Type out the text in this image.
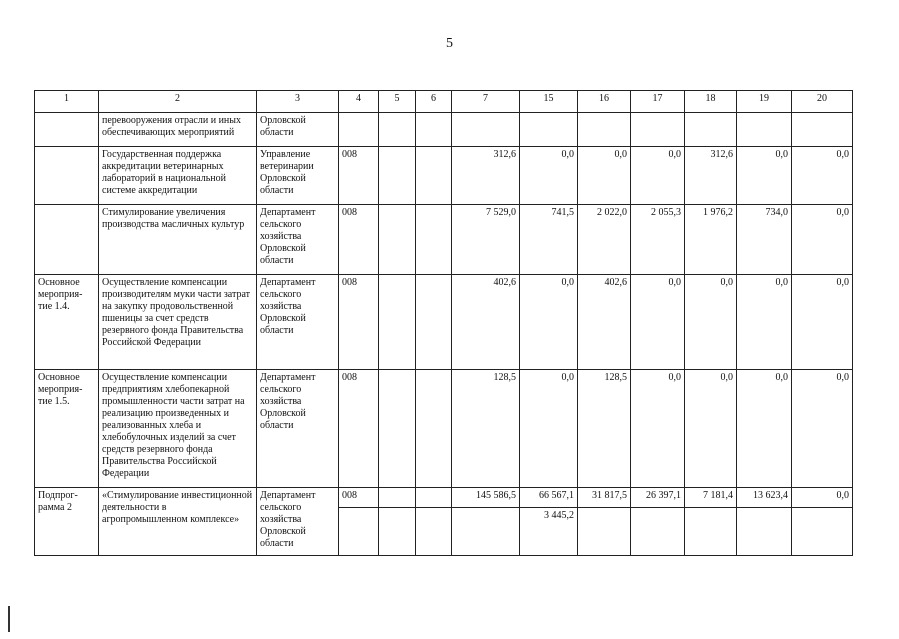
5
1	2	3	4	5	6	7	15	16	17	18	19	20
	перевооружения отрасли и иных обеспечивающих мероприятий	Орловской области										
	Государственная поддержка аккредитации ветеринарных лабораторий в национальной системе аккредитации	Управление ветеринарии Орловской области	008			312,6	0,0	0,0	0,0	312,6	0,0	0,0
	Стимулирование увеличения производства масличных культур	Департамент сельского хозяйства Орловской области	008			7 529,0	741,5	2 022,0	2 055,3	1 976,2	734,0	0,0
Основное мероприя- тие 1.4.	Осуществление компенсации производителям муки части затрат на закупку продовольственной пшеницы за счет средств резервного фонда Правительства Российской Федерации	Департамент сельского хозяйства Орловской области	008			402,6	0,0	402,6	0,0	0,0	0,0	0,0
Основное мероприя- тие 1.5.	Осуществление компенсации предприятиям хлебопекарной промышленности части затрат на реализацию произведенных и реализованных хлеба и хлебобулочных изделий за счет средств резервного фонда Правительства Российской Федерации	Департамент сельского хозяйства Орловской области	008			128,5	0,0	128,5	0,0	0,0	0,0	0,0
Подпрог- рамма 2	«Стимулирование инвестиционной деятельности в агропромышленном комплексе»	Департамент сельского хозяйства Орловской области	008			145 586,5	66 567,1	31 817,5	26 397,1	7 181,4	13 623,4	0,0
							3 445,2					
